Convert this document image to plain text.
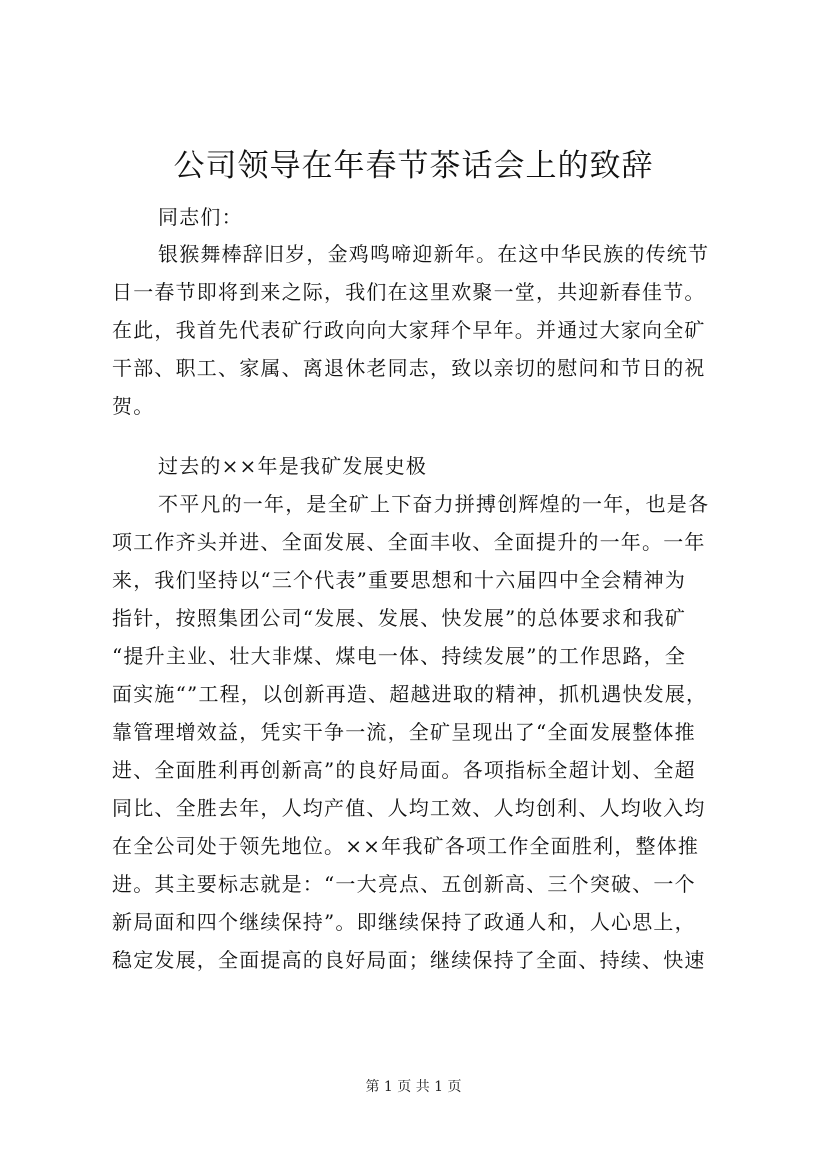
公司领导在年春节茶话会上的致辞

同志们：

银猴舞棒辞旧岁，金鸡鸣啼迎新年。在这中华民族的传统节

日一春节即将到来之际，我们在这里欢聚一堂，共迎新春佳节。

在此，我首先代表矿行政向向大家拜个早年。并通过大家向全矿

干部、职工、家属、离退休老同志，致以亲切的慰问和节日的祝

贺。

过去的××年是我矿发展史极

不平凡的一年，是全矿上下奋力拼搏创辉煌的一年，也是各

项工作齐头并进、全面发展、全面丰收、全面提升的一年。一年

来，我们坚持以“三个代表”重要思想和十六届四中全会精神为

指针，按照集团公司“发展、发展、快发展”的总体要求和我矿

“提升主业、壮大非煤、煤电一体、持续发展”的工作思路，全

面实施“”工程，以创新再造、超越进取的精神，抓机遇快发展，

靠管理增效益，凭实干争一流，全矿呈现出了“全面发展整体推

进、全面胜利再创新高”的良好局面。各项指标全超计划、全超

同比、全胜去年，人均产值、人均工效、人均创利、人均收入均

在全公司处于领先地位。××年我矿各项工作全面胜利，整体推

进。其主要标志就是：“一大亮点、五创新高、三个突破、一个

新局面和四个继续保持”。即继续保持了政通人和，人心思上，

稳定发展，全面提高的良好局面；继续保持了全面、持续、快速

第 1 页 共 1 页
